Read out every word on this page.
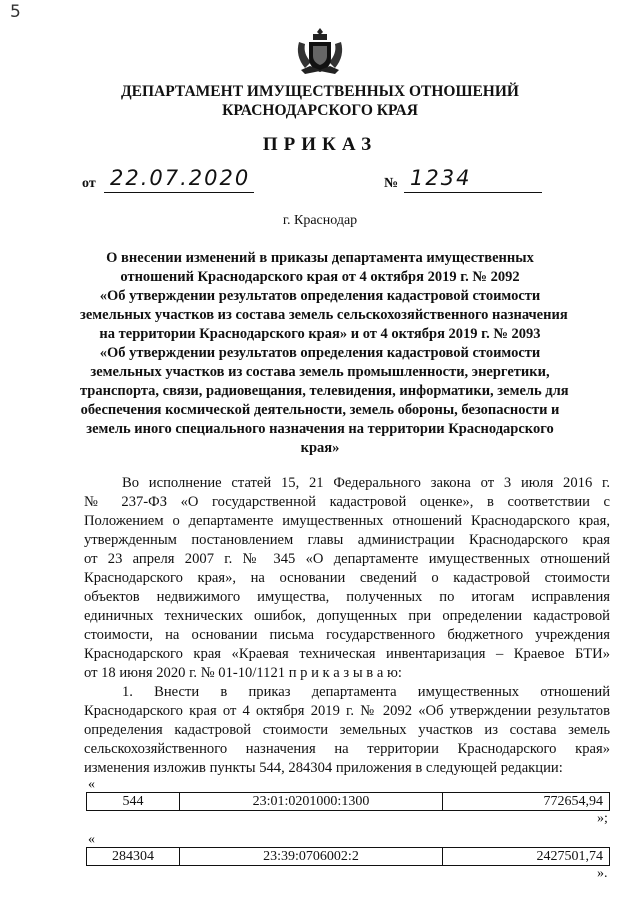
5
ДЕПАРТАМЕНТ ИМУЩЕСТВЕННЫХ ОТНОШЕНИЙ
КРАСНОДАРСКОГО КРАЯ
ПРИКАЗ
от 22.07.2020	№ 1234
г. Краснодар
О внесении изменений в приказы департамента имущественных
отношений Краснодарского края от 4 октября 2019 г. № 2092
«Об утверждении результатов определения кадастровой стоимости
земельных участков из состава земель сельскохозяйственного назначения
на территории Краснодарского края» и от 4 октября 2019 г. № 2093
«Об утверждении результатов определения кадастровой стоимости
земельных участков из состава земель промышленности, энергетики,
транспорта, связи, радиовещания, телевидения, информатики, земель для
обеспечения космической деятельности, земель обороны, безопасности и
земель иного специального назначения на территории Краснодарского
края»
Во исполнение статей 15, 21 Федерального закона от 3 июля 2016 г.
№ 237-ФЗ «О государственной кадастровой оценке», в соответствии с
Положением о департаменте имущественных отношений Краснодарского края,
утвержденным постановлением главы администрации Краснодарского края
от 23 апреля 2007 г. № 345 «О департаменте имущественных отношений
Краснодарского края», на основании сведений о кадастровой стоимости
объектов недвижимого имущества, полученных по итогам исправления
единичных технических ошибок, допущенных при определении кадастровой
стоимости, на основании письма государственного бюджетного учреждения
Краснодарского края «Краевая техническая инвентаризация – Краевое БТИ»
от 18 июня 2020 г. № 01-10/1121 п р и к а з ы в а ю:
1. Внести в приказ департамента имущественных отношений
Краснодарского края от 4 октября 2019 г. № 2092 «Об утверждении результатов
определения кадастровой стоимости земельных участков из состава земель
сельскохозяйственного назначения на территории Краснодарского края»
изменения изложив пункты 544, 284304 приложения в следующей редакции:
«
544	23:01:0201000:1300	772654,94
»;
«
284304	23:39:0706002:2	2427501,74
».
